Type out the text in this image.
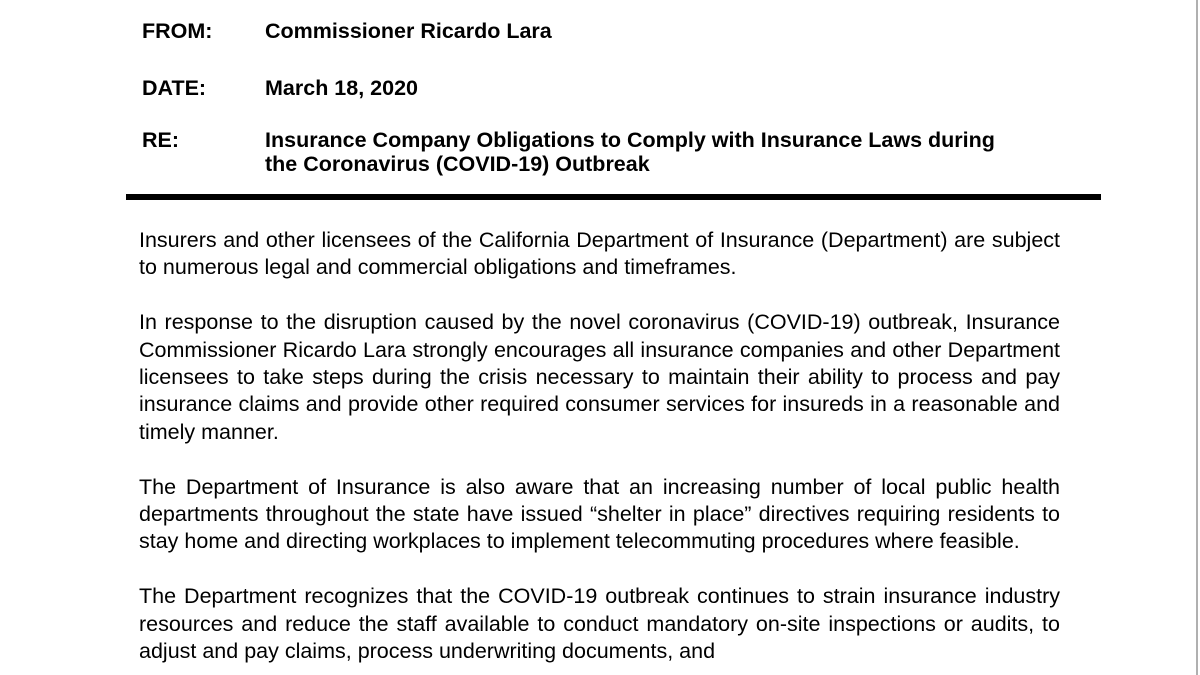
FROM:	Commissioner Ricardo Lara
DATE:	March 18, 2020
RE:	Insurance Company Obligations to Comply with Insurance Laws during the Coronavirus (COVID-19) Outbreak

Insurers and other licensees of the California Department of Insurance (Department) are subject to numerous legal and commercial obligations and timeframes.

In response to the disruption caused by the novel coronavirus (COVID-19) outbreak, Insurance Commissioner Ricardo Lara strongly encourages all insurance companies and other Department licensees to take steps during the crisis necessary to maintain their ability to process and pay insurance claims and provide other required consumer services for insureds in a reasonable and timely manner.

The Department of Insurance is also aware that an increasing number of local public health departments throughout the state have issued “shelter in place” directives requiring residents to stay home and directing workplaces to implement telecommuting procedures where feasible.

The Department recognizes that the COVID-19 outbreak continues to strain insurance industry resources and reduce the staff available to conduct mandatory on-site inspections or audits, to adjust and pay claims, process underwriting documents, and
